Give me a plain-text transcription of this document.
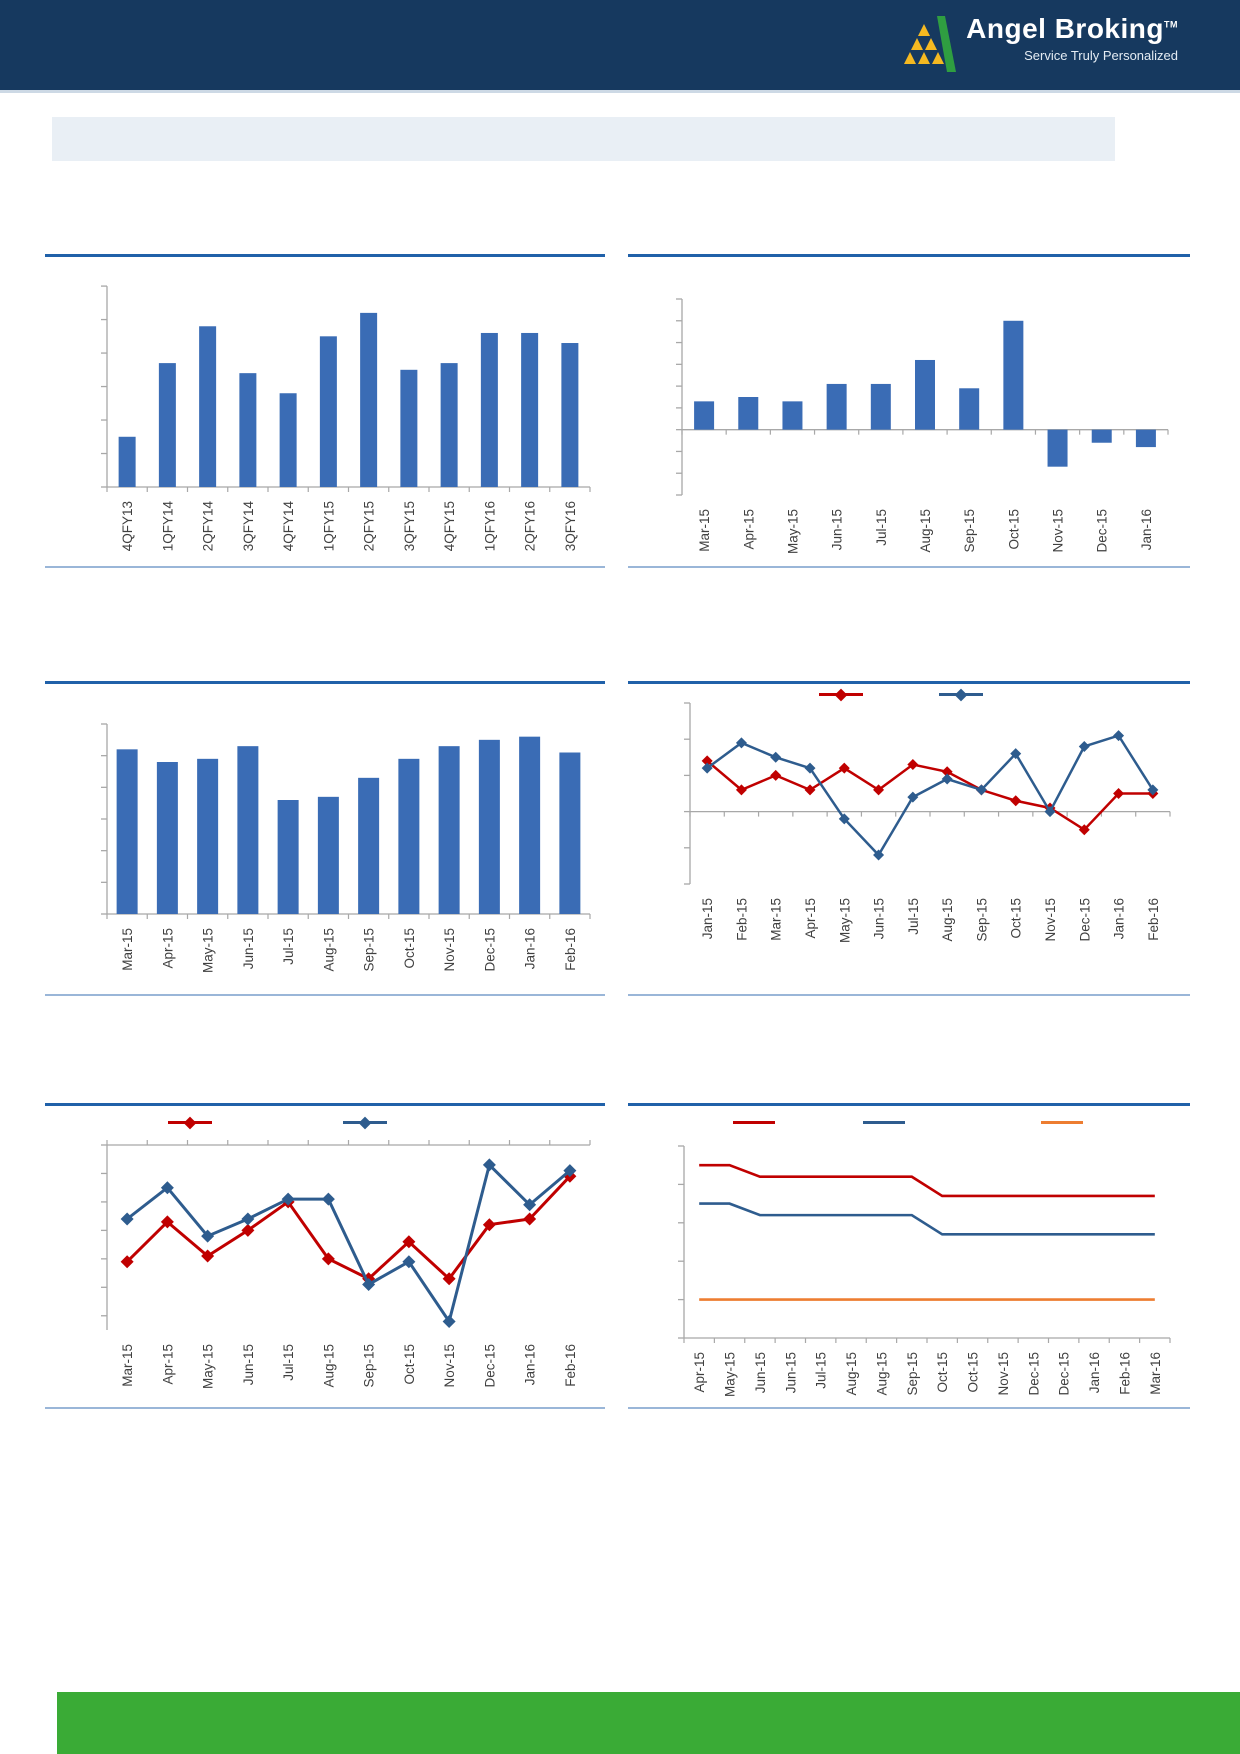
Angel Broking™
Service Truly Personalized
4QFY13 1QFY14 2QFY14 3QFY14 4QFY14 1QFY15 2QFY15 3QFY15 4QFY15 1QFY16 2QFY16 3QFY16	Mar-15 Apr-15 May-15 Jun-15 Jul-15 Aug-15 Sep-15 Oct-15 Nov-15 Dec-15 Jan-16
Mar-15 Apr-15 May-15 Jun-15 Jul-15 Aug-15 Sep-15 Oct-15 Nov-15 Dec-15 Jan-16 Feb-16
Jan-15 Feb-15 Mar-15 Apr-15 May-15 Jun-15 Jul-15 Aug-15 Sep-15 Oct-15 Nov-15 Dec-15 Jan-16 Feb-16
Mar-15 Apr-15 May-15 Jun-15 Jul-15 Aug-15 Sep-15 Oct-15 Nov-15 Dec-15 Jan-16 Feb-16	Apr-15 May-15 Jun-15 Jun-15 Jul-15 Aug-15 Aug-15 Sep-15 Oct-15 Oct-15 Nov-15 Dec-15 Dec-15 Jan-16 Feb-16 Mar-16
